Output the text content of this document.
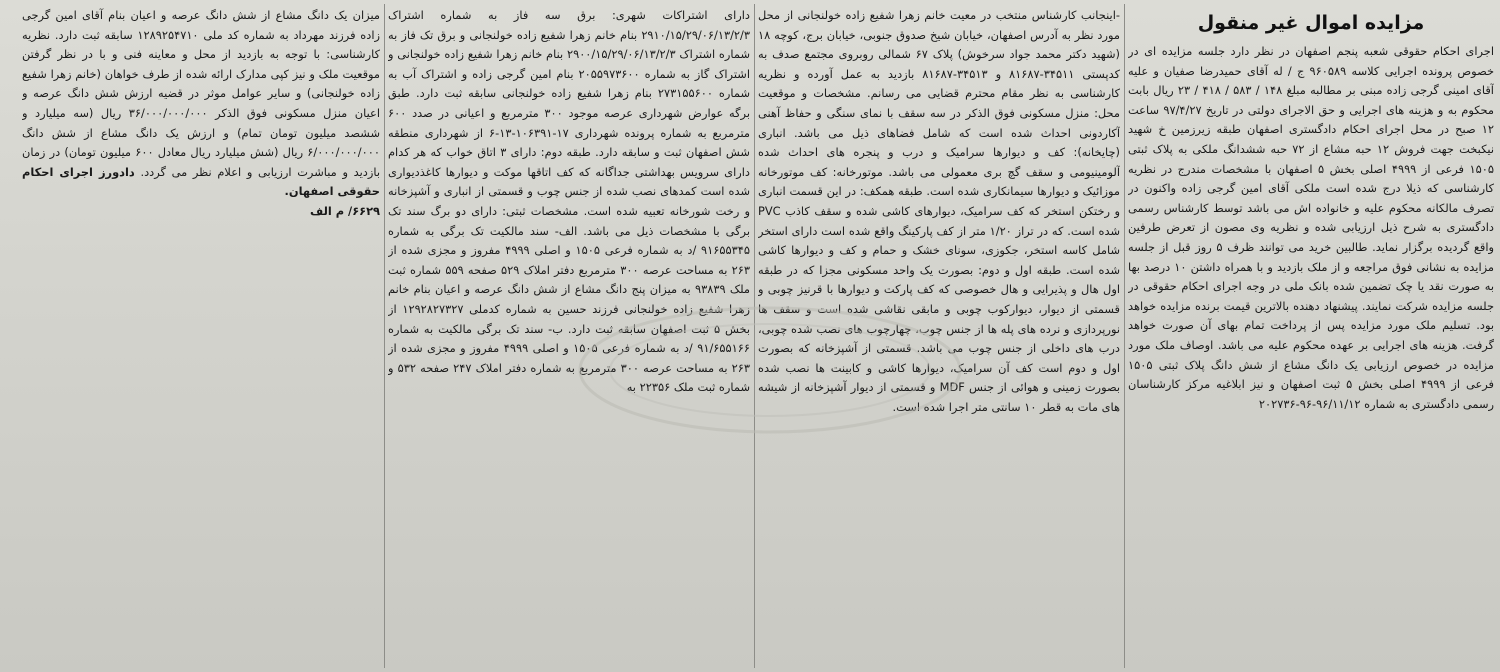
مزایده اموال غیر منقول
اجرای احکام حقوقی شعبه پنجم اصفهان در نظر دارد جلسه مزایده ای در خصوص پرونده اجرایی کلاسه ۹۶۰۵۸۹ ج / له آقای حمیدرضا صفیان و علیه آقای امینی گرجی زاده مبنی بر مطالبه مبلغ ۱۴۸ / ۵۸۳ / ۴۱۸ / ۲۳ ریال بابت محکوم به و هزینه های اجرایی و حق الاجرای دولتی در تاریخ ۹۷/۴/۲۷ ساعت ۱۲ صبح در محل اجرای احکام دادگستری اصفهان طبقه زیرزمین خ شهید نیکبخت جهت فروش ۱۲ حبه مشاع از ۷۲ حبه ششدانگ ملکی به پلاک ثبتی ۱۵۰۵ فرعی از ۴۹۹۹ اصلی بخش ۵ اصفهان با مشخصات مندرج در نظریه کارشناسی که ذیلا درج شده است ملکی آقای امین گرجی زاده واکنون در تصرف مالکانه محکوم علیه و خانواده اش می باشد توسط کارشناس رسمی دادگستری به شرح ذیل ارزیابی شده و نظریه وی مصون از تعرض طرفین واقع گردیده برگزار نماید. طالبین خرید می توانند ظرف ۵ روز قبل از جلسه مزایده به نشانی فوق مراجعه و از ملک بازدید و با همراه داشتن ۱۰ درصد بها به صورت نقد یا چک تضمین شده بانک ملی در وجه اجرای احکام حقوقی در جلسه مزایده شرکت نمایند. پیشنهاد دهنده بالاترین قیمت برنده مزایده خواهد بود. تسلیم ملک مورد مزایده پس از پرداخت تمام بهای آن صورت خواهد گرفت. هزینه های اجرایی بر عهده محکوم علیه می باشد. اوصاف ملک مورد مزایده در خصوص ارزیابی یک دانگ مشاع از شش دانگ پلاک ثبتی ۱۵۰۵ فرعی از ۴۹۹۹ اصلی بخش ۵ ثبت اصفهان و نیز ابلاغیه مرکز کارشناسان رسمی دادگستری به شماره ۹۶/۱۱/۱۲-۹۶-۲۰۲۷۳۶
-اینجانب کارشناس منتخب در معیت خانم زهرا شفیع زاده خولنجانی از محل مورد نظر به آدرس اصفهان، خیابان شیخ صدوق جنوبی، خیابان برج، کوچه ۱۸ (شهید دکتر محمد جواد سرخوش) پلاک ۶۷ شمالی روبروی مجتمع صدف به کدپستی ۳۴۵۱۱-۸۱۶۸۷ و ۳۴۵۱۳-۸۱۶۸۷ بازدید به عمل آورده و نظریه کارشناسی به نظر مقام محترم قضایی می رسانم. مشخصات و موقعیت محل: منزل مسکونی فوق الذکر در سه سقف با نمای سنگی و حفاظ آهنی آکاردونی احداث شده است که شامل فضاهای ذیل می باشد. انباری (چایخانه): کف و دیوارها سرامیک و درب و پنجره های احداث شده آلومینیومی و سقف گچ بری معمولی می باشد. موتورخانه: کف موتورخانه موزائیک و دیوارها سیمانکاری شده است. طبقه همکف: در این قسمت انباری و رختکن استخر که کف سرامیک، دیوارهای کاشی شده و سقف کاذب PVC شده است. که در تراز ۱/۲۰ متر از کف پارکینگ واقع شده است دارای استخر شامل کاسه استخر، جکوزی، سونای خشک و حمام و کف و دیوارها کاشی شده است. طبقه اول و دوم: بصورت یک واحد مسکونی مجزا که در طبقه اول هال و پذیرایی و هال خصوصی که کف پارکت و دیوارها با قرنیز چوبی و قسمتی از دیوار، دیوارکوب چوبی و مابقی نقاشی شده است و سقف ها نورپردازی و نرده های پله ها از جنس چوب، چهارچوب های نصب شده چوبی، درب های داخلی از جنس چوب می باشد. قسمتی از آشپزخانه که بصورت اول و دوم است کف آن سرامیک، دیوارها کاشی و کابینت ها نصب شده بصورت زمینی و هوائی از جنس MDF و قسمتی از دیوار آشپزخانه از شیشه های مات به قطر ۱۰ سانتی متر اجرا شده است.
دارای اشتراکات شهری: برق سه فاز به شماره اشتراک ۲۹۱۰/۱۵/۲۹/۰۶/۱۳/۲/۳ بنام خانم زهرا شفیع زاده خولنجانی و برق تک فاز به شماره اشتراک ۲۹۰۰/۱۵/۲۹/۰۶/۱۳/۲/۳ بنام خانم زهرا شفیع زاده خولنجانی و اشتراک گاز به شماره ۲۰۵۵۹۷۳۶۰۰ بنام امین گرجی زاده و اشتراک آب به شماره ۲۷۳۱۵۵۶۰۰ بنام زهرا شفیع زاده خولنجانی سابقه ثبت دارد. طبق برگه عوارض شهرداری عرصه موجود ۳۰۰ مترمربع و اعیانی در صدد ۶۰۰ مترمربع به شماره پرونده شهرداری ۱۷-۱۰۶۳۹۱-۱۳-۶ از شهرداری منطقه شش اصفهان ثبت و سابقه دارد. طبقه دوم: دارای ۳ اتاق خواب که هر کدام دارای سرویس بهداشتی جداگانه که کف اتاقها موکت و دیوارها کاغذدیواری شده است کمدهای نصب شده از جنس چوب و قسمتی از انباری و آشپزخانه و رخت شورخانه تعبیه شده است. مشخصات ثبتی: دارای دو برگ سند تک برگی با مشخصات ذیل می باشد. الف- سند مالکیت تک برگی به شماره ۹۱۶۵۵۳۴۵ /د به شماره فرعی ۱۵۰۵ و اصلی ۴۹۹۹ مفروز و مجزی شده از ۲۶۳ به مساحت عرصه ۳۰۰ مترمربع دفتر املاک ۵۲۹ صفحه ۵۵۹ شماره ثبت ملک ۹۳۸۳۹ به میزان پنج دانگ مشاع از شش دانگ عرصه و اعیان بنام خانم زهرا شفیع زاده خولنجانی فرزند حسین به شماره کدملی ۱۲۹۲۸۲۷۳۲۷ از بخش ۵ ثبت اصفهان سابقه ثبت دارد. ب- سند تک برگی مالکیت به شماره ۹۱/۶۵۵۱۶۶ /د به شماره فرعی ۱۵۰۵ و اصلی ۴۹۹۹ مفروز و مجزی شده از ۲۶۳ به مساحت عرصه ۳۰۰ مترمربع به شماره دفتر املاک ۲۴۷ صفحه ۵۳۲ و شماره ثبت ملک ۲۲۳۵۶ به
میزان یک دانگ مشاع از شش دانگ عرصه و اعیان بنام آقای امین گرجی زاده فرزند مهرداد به شماره کد ملی ۱۲۸۹۲۵۴۷۱۰ سابقه ثبت دارد. نظریه کارشناسی: با توجه به بازدید از محل و معاینه فنی و با در نظر گرفتن موقعیت ملک و نیز کپی مدارک ارائه شده از طرف خواهان (خانم زهرا شفیع زاده خولنجانی) و سایر عوامل موثر در قضیه ارزش شش دانگ عرصه و اعیان منزل مسکونی فوق الذکر ۳۶/۰۰۰/۰۰۰/۰۰۰ ریال (سه میلیارد و ششصد میلیون تومان تمام) و ارزش یک دانگ مشاع از شش دانگ ۶/۰۰۰/۰۰۰/۰۰۰ ریال (شش میلیارد ریال معادل ۶۰۰ میلیون تومان) در زمان بازدید و مباشرت ارزیابی و اعلام نظر می گردد. دادورز اجرای احکام حقوقی اصفهان.
۶۶۲۹/ م الف
